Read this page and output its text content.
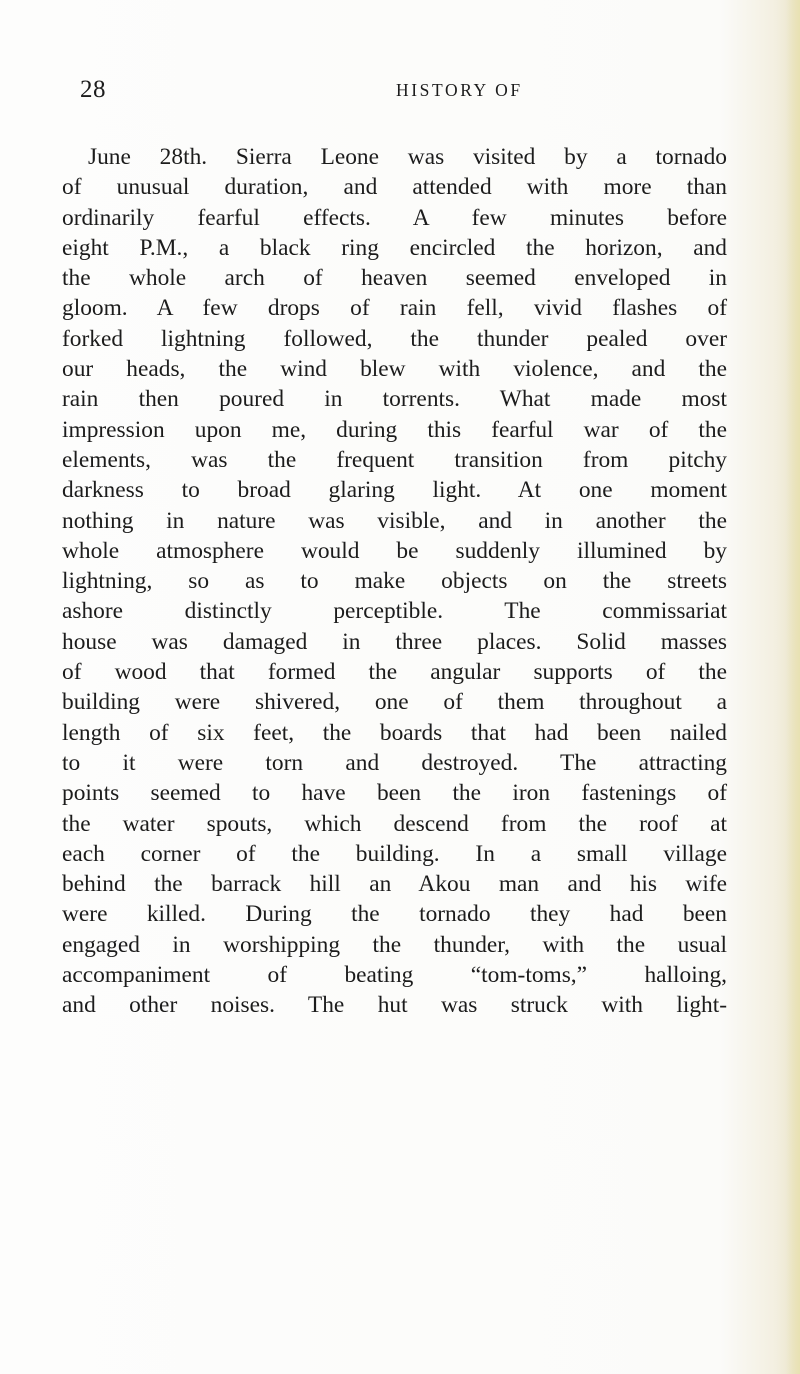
28	HISTORY OF
June 28th. Sierra Leone was visited by a tornado
of unusual duration, and attended with more than
ordinarily fearful effects. A few minutes before
eight P.M., a black ring encircled the horizon, and
the whole arch of heaven seemed enveloped in
gloom. A few drops of rain fell, vivid flashes of
forked lightning followed, the thunder pealed over
our heads, the wind blew with violence, and the
rain then poured in torrents. What made most
impression upon me, during this fearful war of the
elements, was the frequent transition from pitchy
darkness to broad glaring light. At one moment
nothing in nature was visible, and in another the
whole atmosphere would be suddenly illumined by
lightning, so as to make objects on the streets
ashore distinctly perceptible. The commissariat
house was damaged in three places. Solid masses
of wood that formed the angular supports of the
building were shivered, one of them throughout a
length of six feet, the boards that had been nailed
to it were torn and destroyed. The attracting
points seemed to have been the iron fastenings of
the water spouts, which descend from the roof at
each corner of the building. In a small village
behind the barrack hill an Akou man and his wife
were killed. During the tornado they had been
engaged in worshipping the thunder, with the usual
accompaniment of beating “tom-toms,” halloing,
and other noises. The hut was struck with light-
